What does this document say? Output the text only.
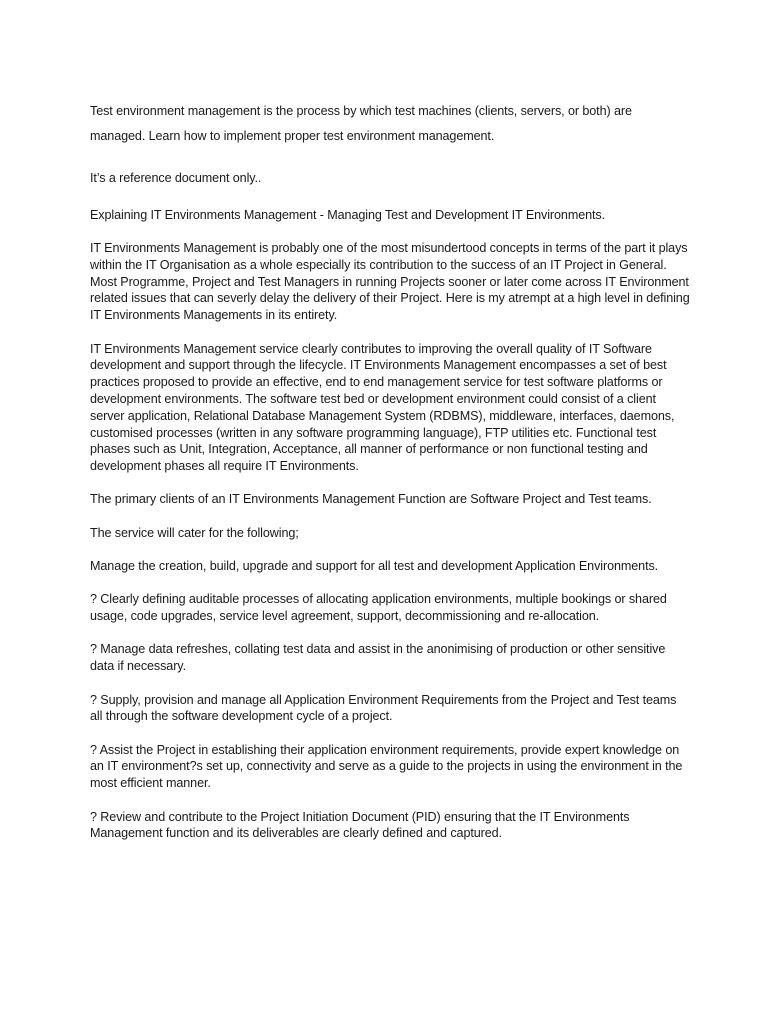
Test environment management is the process by which test machines (clients, servers, or both) are managed. Learn how to implement proper test environment management.

It’s a reference document only..

Explaining IT Environments Management - Managing Test and Development IT Environments.

IT Environments Management is probably one of the most misundertood concepts in terms of the part it plays within the IT Organisation as a whole especially its contribution to the success of an IT Project in General. Most Programme, Project and Test Managers in running Projects sooner or later come across IT Environment related issues that can severly delay the delivery of their Project. Here is my atrempt at a high level in defining IT Environments Managements in its entirety.

IT Environments Management service clearly contributes to improving the overall quality of IT Software development and support through the lifecycle. IT Environments Management encompasses a set of best practices proposed to provide an effective, end to end management service for test software platforms or development environments. The software test bed or development environment could consist of a client server application, Relational Database Management System (RDBMS), middleware, interfaces, daemons, customised processes (written in any software programming language), FTP utilities etc. Functional test phases such as Unit, Integration, Acceptance, all manner of performance or non functional testing and development phases all require IT Environments.

The primary clients of an IT Environments Management Function are Software Project and Test teams.

The service will cater for the following;

Manage the creation, build, upgrade and support for all test and development Application Environments.

? Clearly defining auditable processes of allocating application environments, multiple bookings or shared usage, code upgrades, service level agreement, support, decommissioning and re-allocation.

? Manage data refreshes, collating test data and assist in the anonimising of production or other sensitive data if necessary.

? Supply, provision and manage all Application Environment Requirements from the Project and Test teams all through the software development cycle of a project.

? Assist the Project in establishing their application environment requirements, provide expert knowledge on an IT environment?s set up, connectivity and serve as a guide to the projects in using the environment in the most efficient manner.

? Review and contribute to the Project Initiation Document (PID) ensuring that the IT Environments Management function and its deliverables are clearly defined and captured.
